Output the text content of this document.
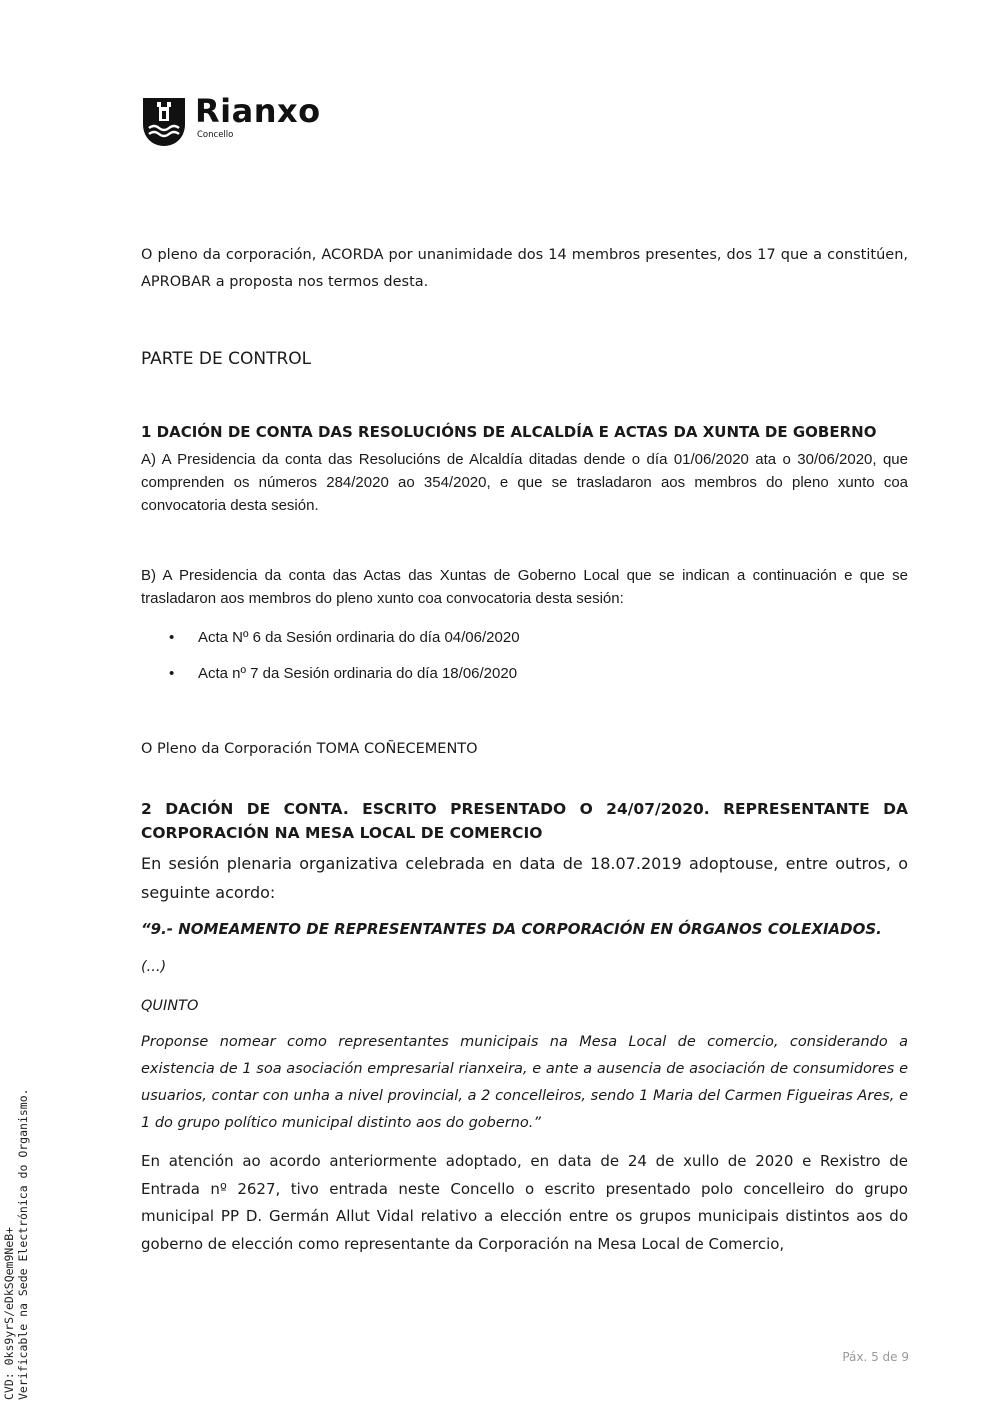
Rianxo
Concello

O pleno da corporación, ACORDA por unanimidade dos 14 membros presentes, dos 17 que a constitúen, APROBAR a proposta nos termos desta.

PARTE DE CONTROL

1 DACIÓN DE CONTA DAS RESOLUCIÓNS DE ALCALDÍA E ACTAS DA XUNTA DE GOBERNO

A) A Presidencia da conta das Resolucións de Alcaldía ditadas dende o día 01/06/2020 ata o 30/06/2020, que comprenden os números 284/2020 ao 354/2020, e que se trasladaron aos membros do pleno xunto coa convocatoria desta sesión.

B) A Presidencia da conta das Actas das Xuntas de Goberno Local que se indican a continuación e que se trasladaron aos membros do pleno xunto coa convocatoria desta sesión:

• Acta Nº 6 da Sesión ordinaria do día 04/06/2020
• Acta nº 7 da Sesión ordinaria do día 18/06/2020

O Pleno da Corporación TOMA COÑECEMENTO

2 DACIÓN DE CONTA. ESCRITO PRESENTADO O 24/07/2020. REPRESENTANTE DA CORPORACIÓN NA MESA LOCAL DE COMERCIO

En sesión plenaria organizativa celebrada en data de 18.07.2019 adoptouse, entre outros, o seguinte acordo:

“9.- NOMEAMENTO DE REPRESENTANTES DA CORPORACIÓN EN ÓRGANOS COLEXIADOS.

(...)

QUINTO

Proponse nomear como representantes municipais na Mesa Local de comercio, considerando a existencia de 1 soa asociación empresarial rianxeira, e ante a ausencia de asociación de consumidores e usuarios, contar con unha a nivel provincial, a 2 concelleiros, sendo 1 Maria del Carmen Figueiras Ares, e 1 do grupo político municipal distinto aos do goberno.”

En atención ao acordo anteriormente adoptado, en data de 24 de xullo de 2020 e Rexistro de Entrada nº 2627, tivo entrada neste Concello o escrito presentado polo concelleiro do grupo municipal PP D. Germán Allut Vidal relativo a elección entre os grupos municipais distintos aos do goberno de elección como representante da Corporación na Mesa Local de Comercio,

Páx. 5 de 9
CVD: 0ks9yrS/eDkSQem9NeB+ Verificable na Sede Electrónica do Organismo.
